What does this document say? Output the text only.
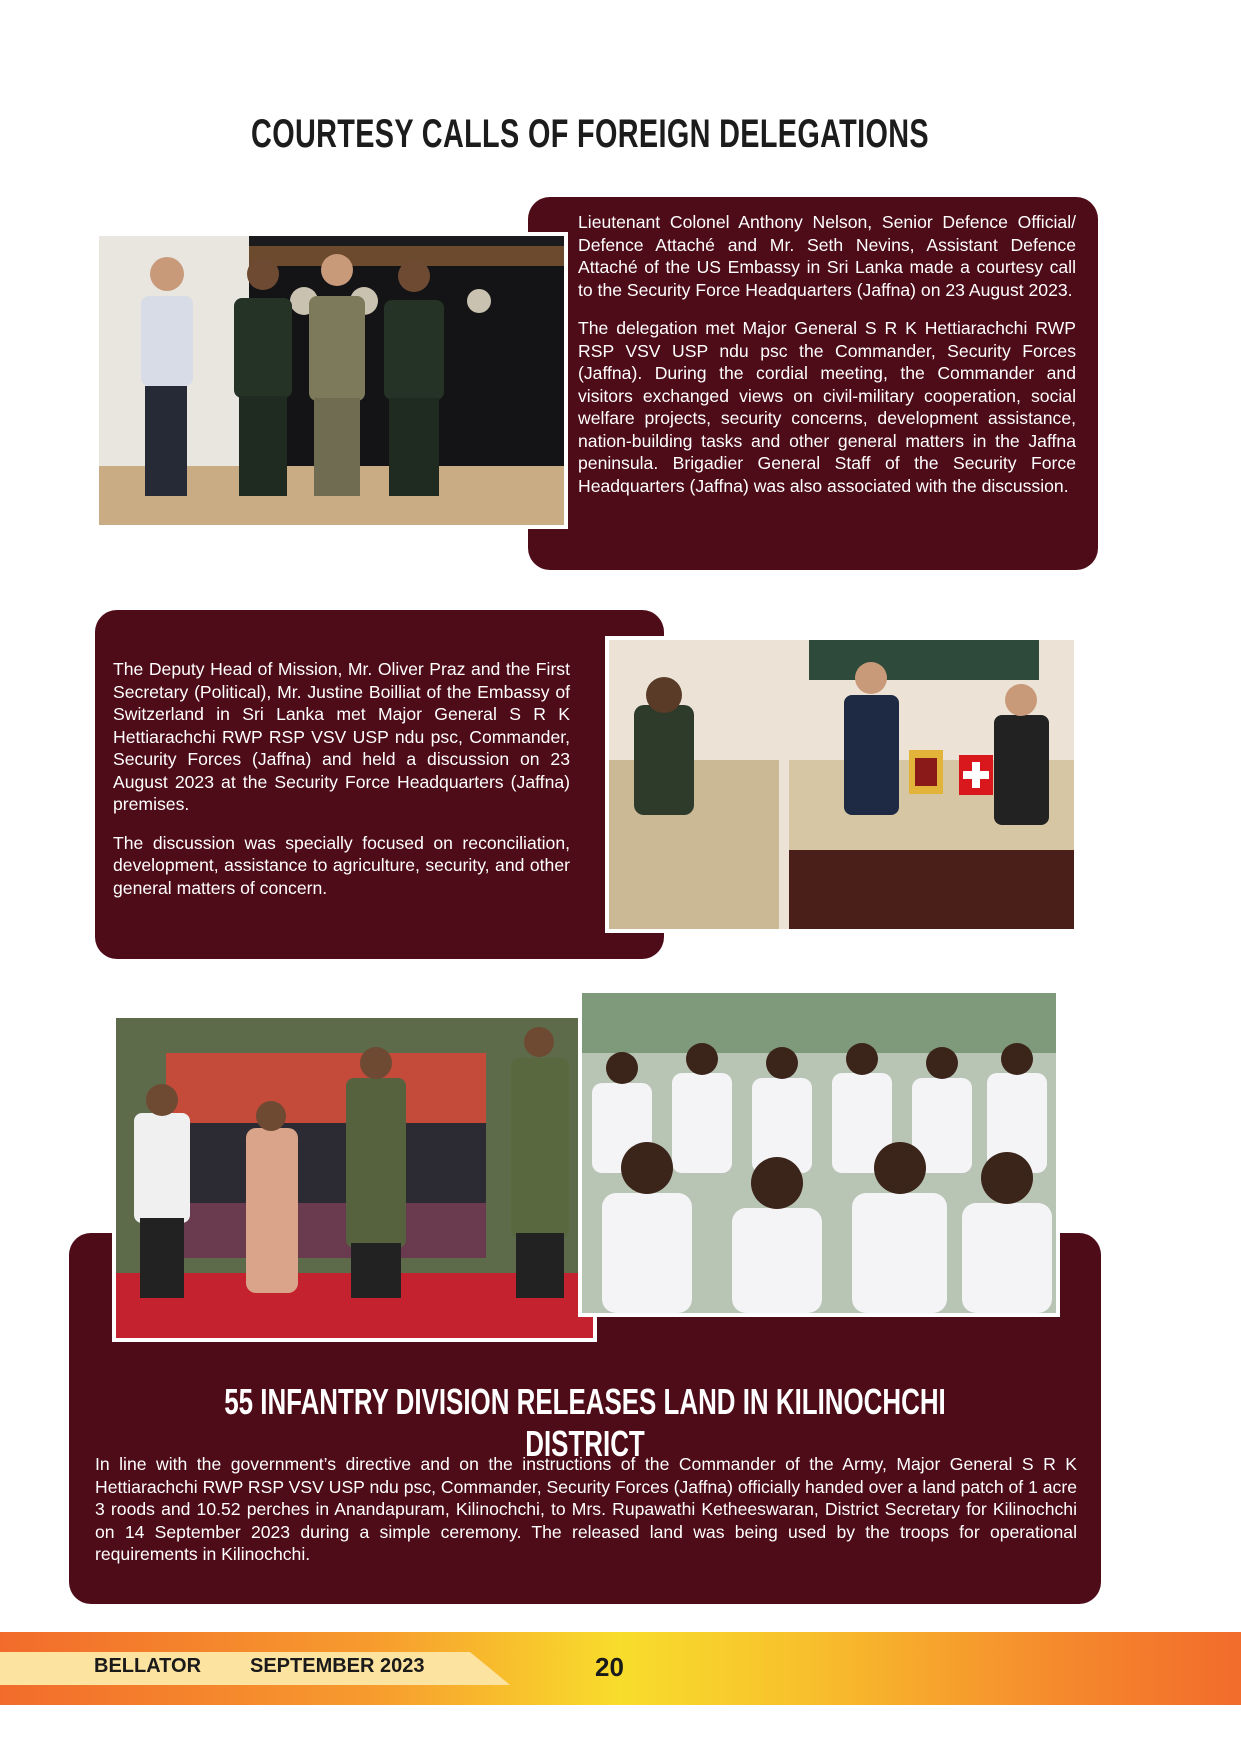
COURTESY CALLS OF FOREIGN DELEGATIONS

Lieutenant Colonel Anthony Nelson, Senior Defence Official/ Defence Attaché and Mr. Seth Nevins, Assistant Defence Attaché of the US Embassy in Sri Lanka made a courtesy call to the Security Force Headquarters (Jaffna) on 23 August 2023.

The delegation met Major General S R K Hettiarachchi RWP RSP VSV USP ndu psc the Commander, Security Forces (Jaffna). During the cordial meeting, the Commander and visitors exchanged views on civil-military cooperation, social welfare projects, security concerns, development assistance, nation-building tasks and other general matters in the Jaffna peninsula. Brigadier General Staff of the Security Force Headquarters (Jaffna) was also associated with the discussion.

The Deputy Head of Mission, Mr. Oliver Praz and the First Secretary (Political), Mr. Justine Boilliat of the Embassy of Switzerland in Sri Lanka met Major General S R K Hettiarachchi RWP RSP VSV USP ndu psc, Commander, Security Forces (Jaffna) and held a discussion on 23 August 2023 at the Security Force Headquarters (Jaffna) premises.

The discussion was specially focused on reconciliation, development, assistance to agriculture, security, and other general matters of concern.

55 INFANTRY DIVISION RELEASES LAND IN KILINOCHCHI DISTRICT

In line with the government’s directive and on the instructions of the Commander of the Army, Major General S R K Hettiarachchi RWP RSP VSV USP ndu psc, Commander, Security Forces (Jaffna) officially handed over a land patch of 1 acre 3 roods and 10.52 perches in Anandapuram, Kilinochchi, to Mrs. Rupawathi Ketheeswaran, District Secretary for Kilinochchi on 14 September 2023 during a simple ceremony. The released land was being used by the troops for operational requirements in Kilinochchi.

BELLATOR SEPTEMBER 2023	20
